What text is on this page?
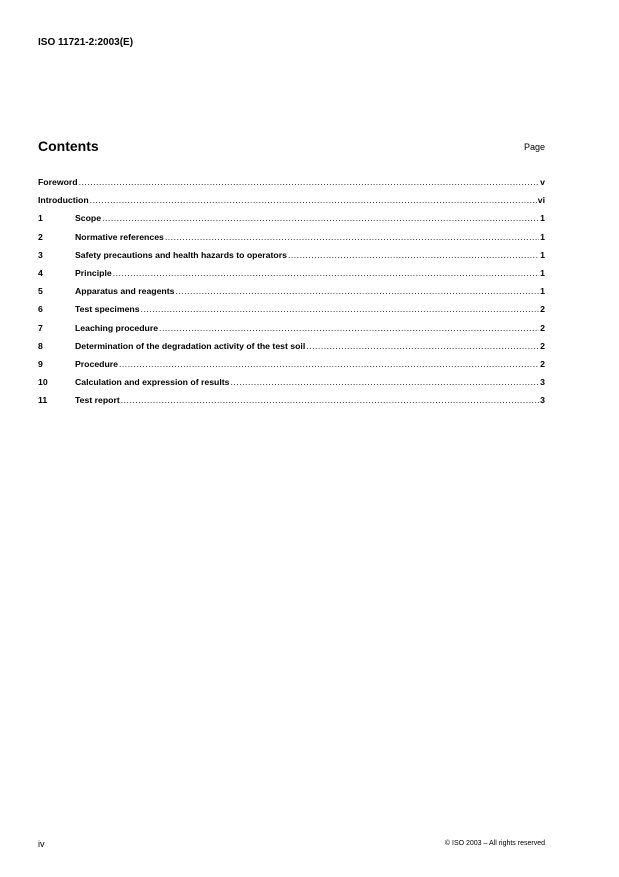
ISO 11721-2:2003(E)
Contents	Page
Foreword .....	v
Introduction .....	vi
1	Scope .....	1
2	Normative references .....	1
3	Safety precautions and health hazards to operators .....	1
4	Principle .....	1
5	Apparatus and reagents .....	1
6	Test specimens .....	2
7	Leaching procedure .....	2
8	Determination of the degradation activity of the test soil .....	2
9	Procedure .....	2
10	Calculation and expression of results .....	3
11	Test report .....	3
iv	© ISO 2003 – All rights reserved
